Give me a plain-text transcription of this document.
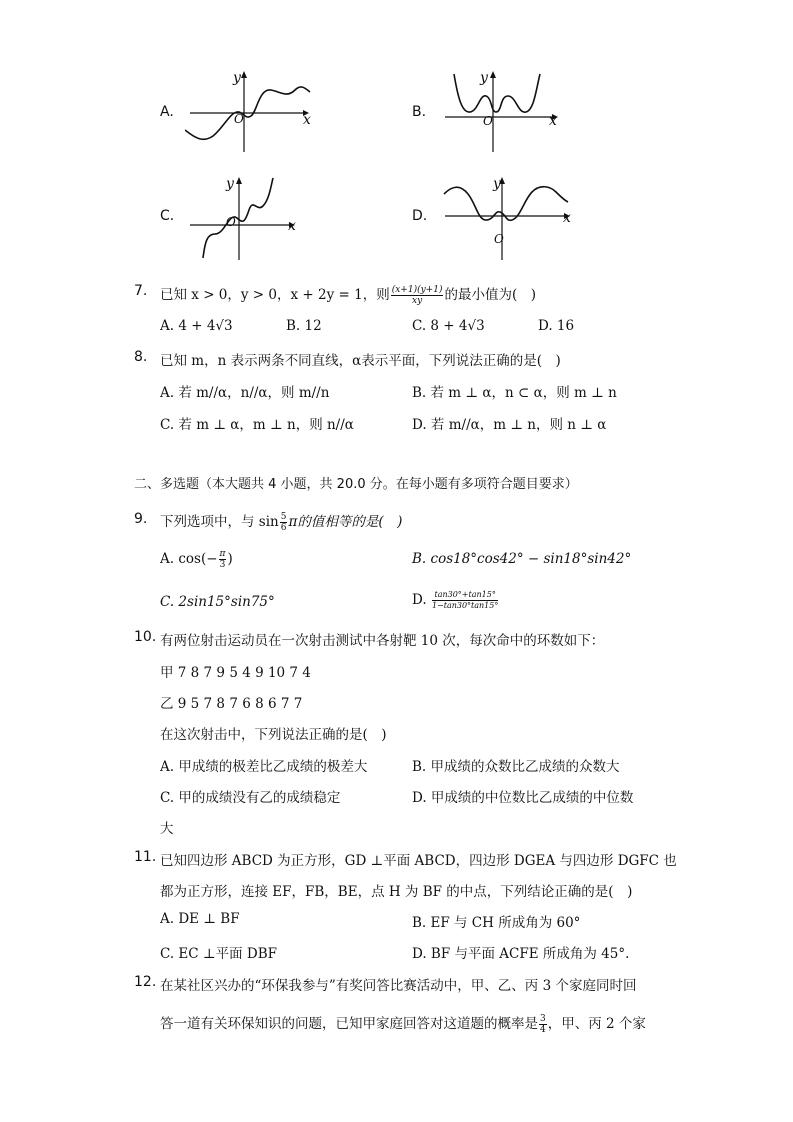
A.
y
x
O	B.
y
x
O
C.
y
x
O	D.
y
x
O
7. 已知 x > 0，y > 0，x + 2y = 1，则 $\frac{(x+1)(y+1)}{xy}$ 的最小值为(　)
A. 4 + 4√3	B. 12	C. 8 + 4√3	D. 16
8. 已知 m，n 表示两条不同直线，α表示平面，下列说法正确的是(　)
A. 若 m//α，n//α，则 m//n	B. 若 m ⊥ α，n ⊂ α，则 m ⊥ n
C. 若 m ⊥ α，m ⊥ n，则 n//α	D. 若 m//α，m ⊥ n，则 n ⊥ α
二、多选题（本大题共 4 小题，共 20.0 分。在每小题有多项符合题目要求）
9. 下列选项中，与 $\sin \frac{5}{6}$ π的值相等的是(　)
A. $\cos(- \frac{\pi}{3}$ )	B. cos18°cos42° − sin18°sin42°
C. 2sin15°sin75°	D. $\frac{\tan 30^\circ+\tan 15^\circ}{1-\tan 30^\circ\tan 15^\circ}$
10. 有两位射击运动员在一次射击测试中各射靶 10 次，每次命中的环数如下：
甲 7 8 7 9 5 4 9 10 7 4
乙 9 5 7 8 7 6 8 6 7 7
在这次射击中，下列说法正确的是(　)
A. 甲成绩的极差比乙成绩的极差大	B. 甲成绩的众数比乙成绩的众数大
C. 甲的成绩没有乙的成绩稳定	D. 甲成绩的中位数比乙成绩的中位数
大
11. 已知四边形 ABCD 为正方形，GD ⊥平面 ABCD，四边形 DGEA 与四边形 DGFC 也
都为正方形，连接 EF，FB，BE，点 H 为 BF 的中点，下列结论正确的是(　)
A. DE ⊥ BF	B. EF 与 CH 所成角为 60°
C. EC ⊥平面 DBF	D. BF 与平面 ACFE 所成角为 45°.
12. 在某社区兴办的“环保我参与”有奖问答比赛活动中，甲、乙、丙 3 个家庭同时回
答一道有关环保知识的问题，已知甲家庭回答对这道题的概率是 $\frac{3}{4}$ ，甲、丙 2 个家
